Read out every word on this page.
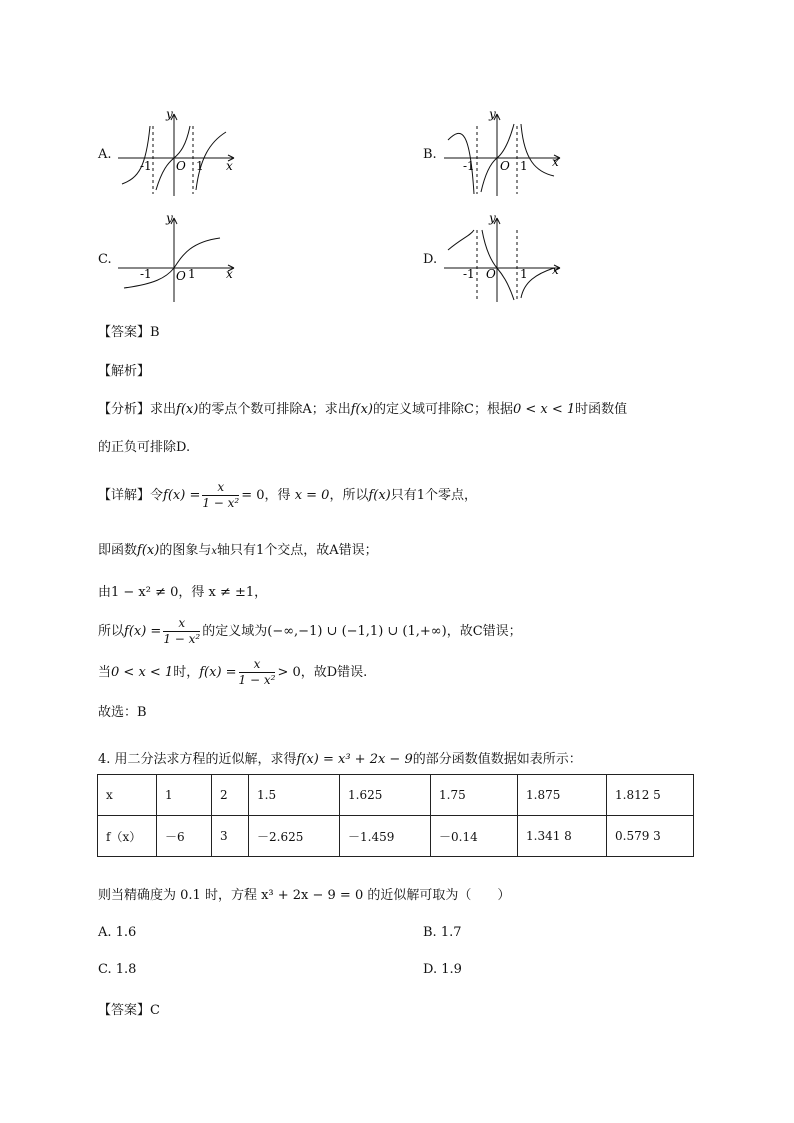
A.
y
x
O
-1	1
B.
y
x
O
-1	1
C.
y
x
O
-1	1
D.
y
x
O
-1	1
【答案】B
【解析】
【分析】求出f(x)的零点个数可排除A；求出f(x)的定义域可排除C；根据0 < x < 1时函数值
的正负可排除D.
【详解】令$f(x) = \frac{x}{\text{1 − x²}} = 0$，得 x = 0，所以f(x)只有1个零点，
即函数f(x)的图象与x轴只有1个交点，故A错误；
由1 − x² ≠ 0，得 x ≠ ±1，
所以$f(x) = \frac{x}{\text{1 − x²}}$ 的定义域为(−∞,−1) ∪ (−1,1) ∪ (1,+∞)，故C错误；
当0 < x < 1时，$f(x) = \frac{x}{\text{1 − x²}} > 0$，故D错误.
故选：B
4. 用二分法求方程的近似解，求得f(x) = x³ + 2x − 9的部分函数值数据如表所示：
x	1	2	1.5	1.625	1.75	1.875	1.812 5
f（x）	－6	3	－2.625	－1.459	－0.14	1.341 8	0.579 3
则当精确度为 0.1 时，方程 x³ + 2x − 9 = 0 的近似解可取为（　　）
A. 1.6	B. 1.7
C. 1.8	D. 1.9
【答案】C
